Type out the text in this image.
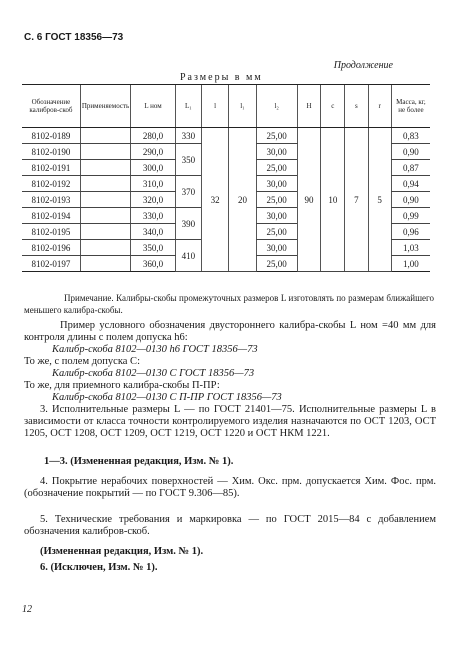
С. 6 ГОСТ 18356—73
Продолжение
Размеры в мм
Обозначение калибров-скоб	Применяемость	L ном	L₁	l	l₁	l₂	H	c	s	r	Масса, кг, не более
8102-0189		280,0	330	32	20	25,00	90	10	7	5	0,83
8102-0190		290,0	350			30,00					0,90
8102-0191		300,0				25,00					0,87
8102-0192		310,0	370			30,00					0,94
8102-0193		320,0				25,00					0,90
8102-0194		330,0	390			30,00					0,99
8102-0195		340,0				25,00					0,96
8102-0196		350,0	410			30,00					1,03
8102-0197		360,0				25,00					1,00
Примечание. Калибры-скобы промежуточных размеров L изготовлять по размерам ближайшего меньшего калибра-скобы.
Пример условного обозначения двустороннего калибра-скобы L ном =40 мм для контроля длины с полем допуска h6:
Калибр-скоба 8102—0130 h6 ГОСТ 18356—73
То же, с полем допуска С:
Калибр-скоба 8102—0130 С ГОСТ 18356—73
То же, для приемного калибра-скобы П-ПР:
Калибр-скоба 8102—0130 С П-ПР ГОСТ 18356—73
3. Исполнительные размеры L — по ГОСТ 21401—75. Исполнительные размеры L в зависимости от класса точности контролируемого изделия назначаются по ОСТ 1203, ОСТ 1205, ОСТ 1208, ОСТ 1209, ОСТ 1219, ОСТ 1220 и ОСТ НКМ 1221.
1—3. (Измененная редакция, Изм. № 1).
4. Покрытие нерабочих поверхностей — Хим. Окс. прм. допускается Хим. Фос. прм. (обозначение покрытий — по ГОСТ 9.306—85).
5. Технические требования и маркировка — по ГОСТ 2015—84 с добавлением обозначения калибров-скоб.
(Измененная редакция, Изм. № 1).
6. (Исключен, Изм. № 1).
12
